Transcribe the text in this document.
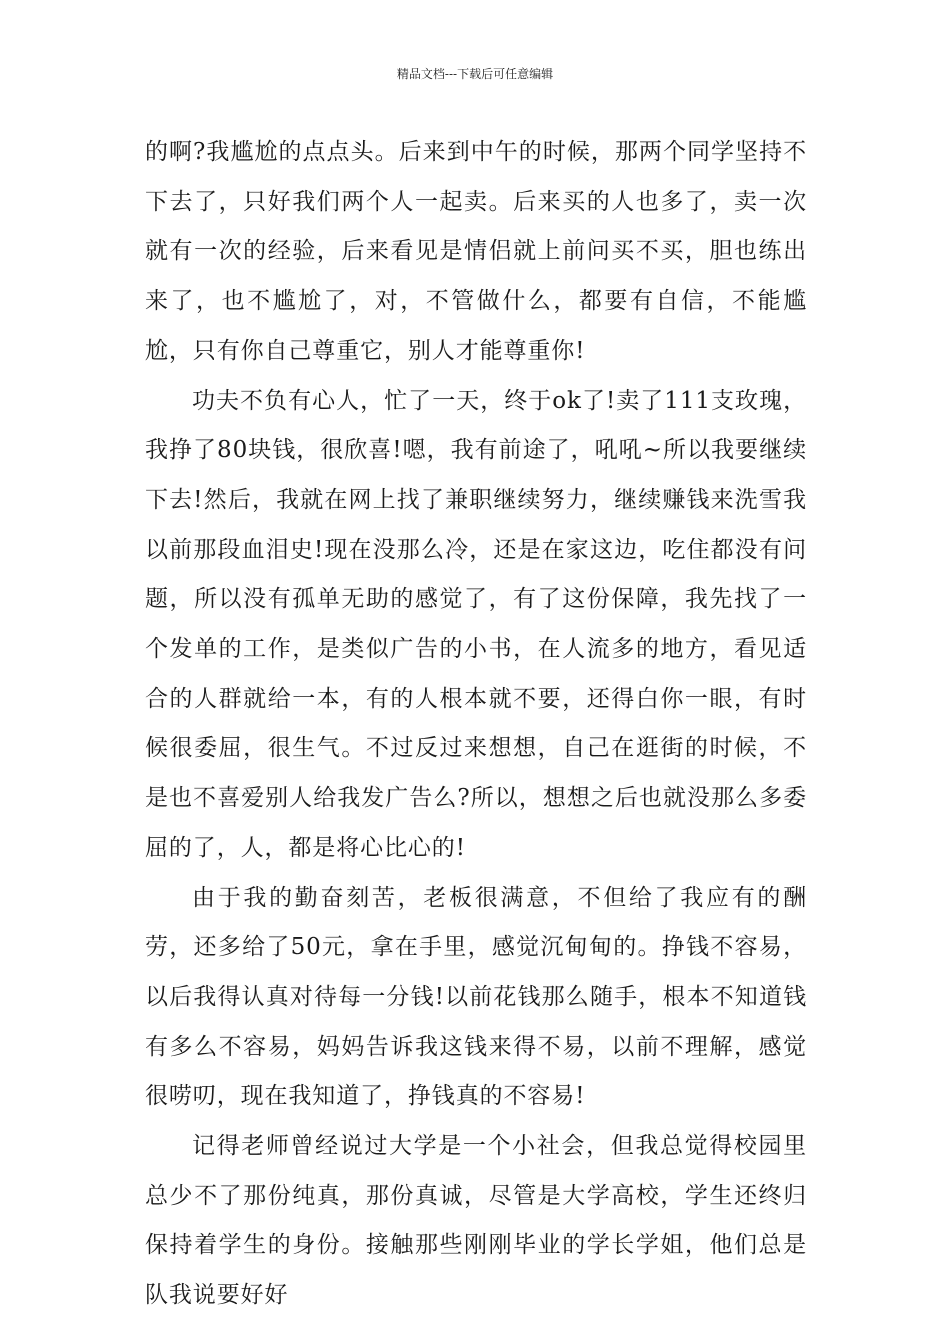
精品文档---下载后可任意编辑

的啊?我尴尬的点点头。后来到中午的时候，那两个同学坚持不下去了，只好我们两个人一起卖。后来买的人也多了，卖一次就有一次的经验，后来看见是情侣就上前问买不买，胆也练出来了，也不尴尬了，对，不管做什么，都要有自信，不能尴尬，只有你自己尊重它，别人才能尊重你!

功夫不负有心人，忙了一天，终于ok了!卖了111支玫瑰，我挣了80块钱，很欣喜!嗯，我有前途了，吼吼~所以我要继续下去!然后，我就在网上找了兼职继续努力，继续赚钱来洗雪我以前那段血泪史!现在没那么冷，还是在家这边，吃住都没有问题，所以没有孤单无助的感觉了，有了这份保障，我先找了一个发单的工作，是类似广告的小书，在人流多的地方，看见适合的人群就给一本，有的人根本就不要，还得白你一眼，有时候很委屈，很生气。不过反过来想想，自己在逛街的时候，不是也不喜爱别人给我发广告么?所以，想想之后也就没那么多委屈的了，人，都是将心比心的!

由于我的勤奋刻苦，老板很满意，不但给了我应有的酬劳，还多给了50元，拿在手里，感觉沉甸甸的。挣钱不容易，以后我得认真对待每一分钱!以前花钱那么随手，根本不知道钱有多么不容易，妈妈告诉我这钱来得不易，以前不理解，感觉很唠叨，现在我知道了，挣钱真的不容易!

记得老师曾经说过大学是一个小社会，但我总觉得校园里总少不了那份纯真，那份真诚，尽管是大学高校，学生还终归保持着学生的身份。接触那些刚刚毕业的学长学姐，他们总是队我说要好好
